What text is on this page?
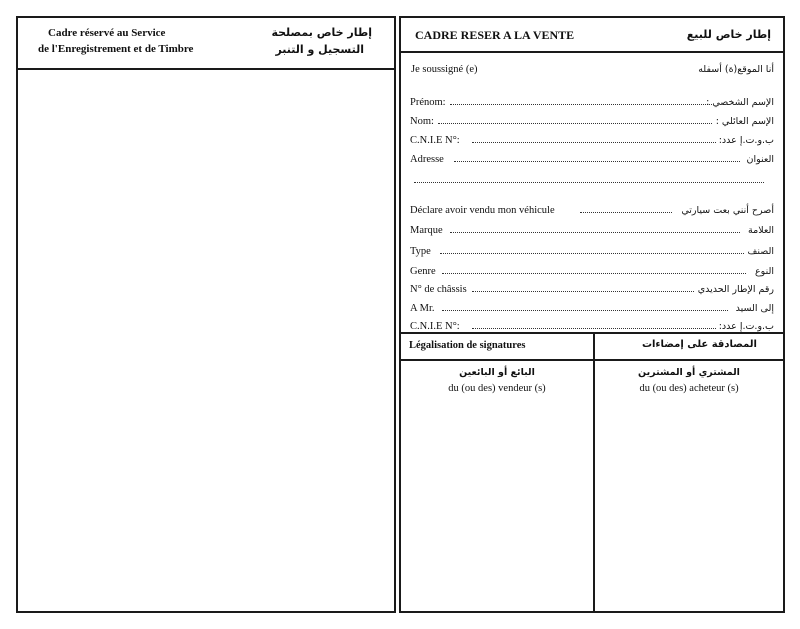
Cadre réservé au Service
de l'Enregistrement et de Timbre
إطار خاص بمصلحة
التسجيل و التنبر
CADRE RESER A LA VENTE	إطار خاص للبيع
Je soussigné (e)	أنا الموقع(ة) أسفله
Prénom:	الإسم الشخصي :
Nom:	الإسم العائلي :
C.N.I.E N°:	ب.و.ت.إ عدد:
Adresse	العنوان
Déclare avoir vendu mon véhicule	أصرح أنني بعت سيارتي
Marque	العلامة
Type	الصنف
Genre	النوع
N° de châssis	رقم الإطار الحديدي
A Mr.	إلى السيد
C.N.I.E N°:	ب.و.ت.إ عدد:
Légalisation de signatures	المصادقة على إمضاءات
البائع أو البائعين
du (ou des) vendeur (s)
المشتري أو المشترين
du (ou des) acheteur (s)
